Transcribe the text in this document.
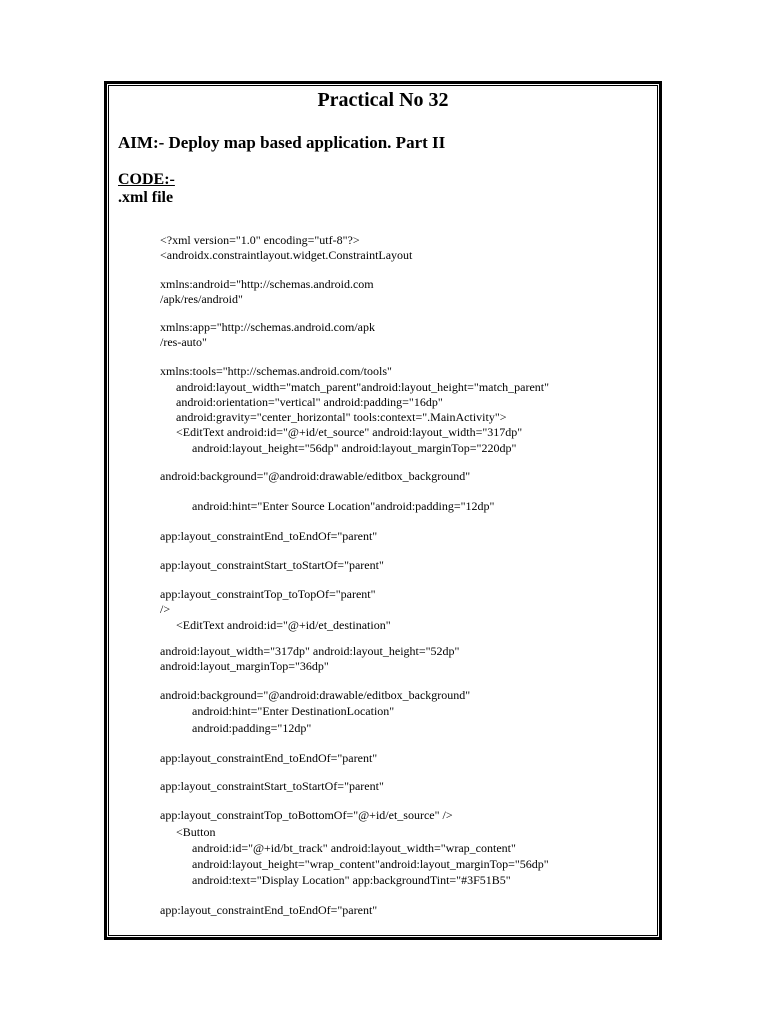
Practical No 32
AIM:- Deploy map based application. Part II
CODE:-
.xml file
<?xml version="1.0" encoding="utf-8"?>
<androidx.constraintlayout.widget.ConstraintLayout
xmlns:android="http://schemas.android.com
/apk/res/android"
xmlns:app="http://schemas.android.com/apk
/res-auto"
xmlns:tools="http://schemas.android.com/tools"
android:layout_width="match_parent"android:layout_height="match_parent"
android:orientation="vertical" android:padding="16dp"
android:gravity="center_horizontal" tools:context=".MainActivity">
<EditText android:id="@+id/et_source" android:layout_width="317dp"
android:layout_height="56dp" android:layout_marginTop="220dp"
android:background="@android:drawable/editbox_background"
android:hint="Enter Source Location"android:padding="12dp"
app:layout_constraintEnd_toEndOf="parent"
app:layout_constraintStart_toStartOf="parent"
app:layout_constraintTop_toTopOf="parent"
/>
<EditText android:id="@+id/et_destination"
android:layout_width="317dp" android:layout_height="52dp"
android:layout_marginTop="36dp"
android:background="@android:drawable/editbox_background"
android:hint="Enter DestinationLocation"
android:padding="12dp"
app:layout_constraintEnd_toEndOf="parent"
app:layout_constraintStart_toStartOf="parent"
app:layout_constraintTop_toBottomOf="@+id/et_source" />
<Button
android:id="@+id/bt_track" android:layout_width="wrap_content"
android:layout_height="wrap_content"android:layout_marginTop="56dp"
android:text="Display Location" app:backgroundTint="#3F51B5"
app:layout_constraintEnd_toEndOf="parent"
